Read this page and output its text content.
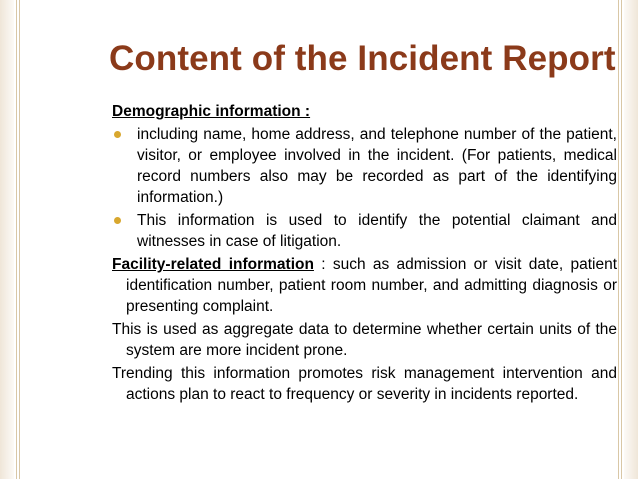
Content of the Incident Report

Demographic information :

including name, home address, and telephone number of the patient, visitor, or employee involved in the incident. (For patients, medical record numbers also may be recorded as part of the identifying information.)
This information is used to identify the potential claimant and witnesses in case of litigation.

Facility-related information : such as admission or visit date, patient identification number, patient room number, and admitting diagnosis or presenting complaint.

This is used as aggregate data to determine whether certain units of the system are more incident prone.

Trending this information promotes risk management intervention and actions plan to react to frequency or severity in incidents reported.
